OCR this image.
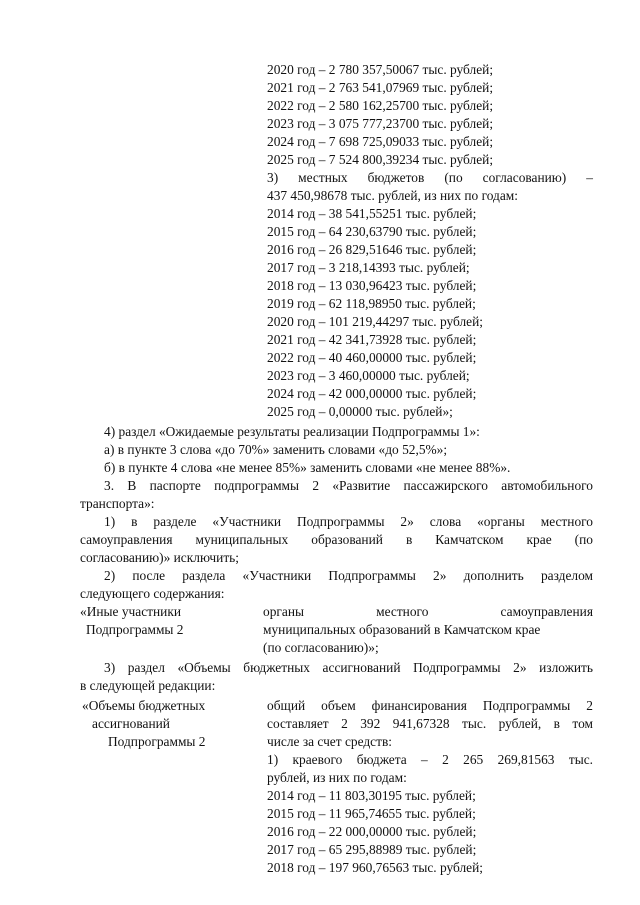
2020 год – 2 780 357,50067 тыс. рублей;
2021 год – 2 763 541,07969 тыс. рублей;
2022 год – 2 580 162,25700 тыс. рублей;
2023 год – 3 075 777,23700 тыс. рублей;
2024 год – 7 698 725,09033 тыс. рублей;
2025 год – 7 524 800,39234 тыс. рублей;
3) местных бюджетов (по согласованию) –
437 450,98678 тыс. рублей, из них по годам:
2014 год – 38 541,55251 тыс. рублей;
2015 год – 64 230,63790 тыс. рублей;
2016 год – 26 829,51646 тыс. рублей;
2017 год – 3 218,14393 тыс. рублей;
2018 год – 13 030,96423 тыс. рублей;
2019 год – 62 118,98950 тыс. рублей;
2020 год – 101 219,44297 тыс. рублей;
2021 год – 42 341,73928 тыс. рублей;
2022 год – 40 460,00000 тыс. рублей;
2023 год – 3 460,00000 тыс. рублей;
2024 год – 42 000,00000 тыс. рублей;
2025 год – 0,00000 тыс. рублей»;
4) раздел «Ожидаемые результаты реализации Подпрограммы 1»:
а) в пункте 3 слова «до 70%» заменить словами «до 52,5%»;
б) в пункте 4 слова «не менее 85%» заменить словами «не менее 88%».
3. В паспорте подпрограммы 2 «Развитие пассажирского автомобильного
транспорта»:
1) в разделе «Участники Подпрограммы 2» слова «органы местного
самоуправления муниципальных образований в Камчатском крае (по
согласованию)» исключить;
2) после раздела «Участники Подпрограммы 2» дополнить разделом
следующего содержания:
«Иные участники
Подпрограммы 2
органы местного самоуправления
муниципальных образований в Камчатском крае
(по согласованию)»;
3) раздел «Объемы бюджетных ассигнований Подпрограммы 2» изложить
в следующей редакции:
«Объемы бюджетных
ассигнований
Подпрограммы 2
общий объем финансирования Подпрограммы 2
составляет 2 392 941,67328 тыс. рублей, в том
числе за счет средств:
1) краевого бюджета – 2 265 269,81563 тыс.
рублей, из них по годам:
2014 год – 11 803,30195 тыс. рублей;
2015 год – 11 965,74655 тыс. рублей;
2016 год – 22 000,00000 тыс. рублей;
2017 год – 65 295,88989 тыс. рублей;
2018 год – 197 960,76563 тыс. рублей;
